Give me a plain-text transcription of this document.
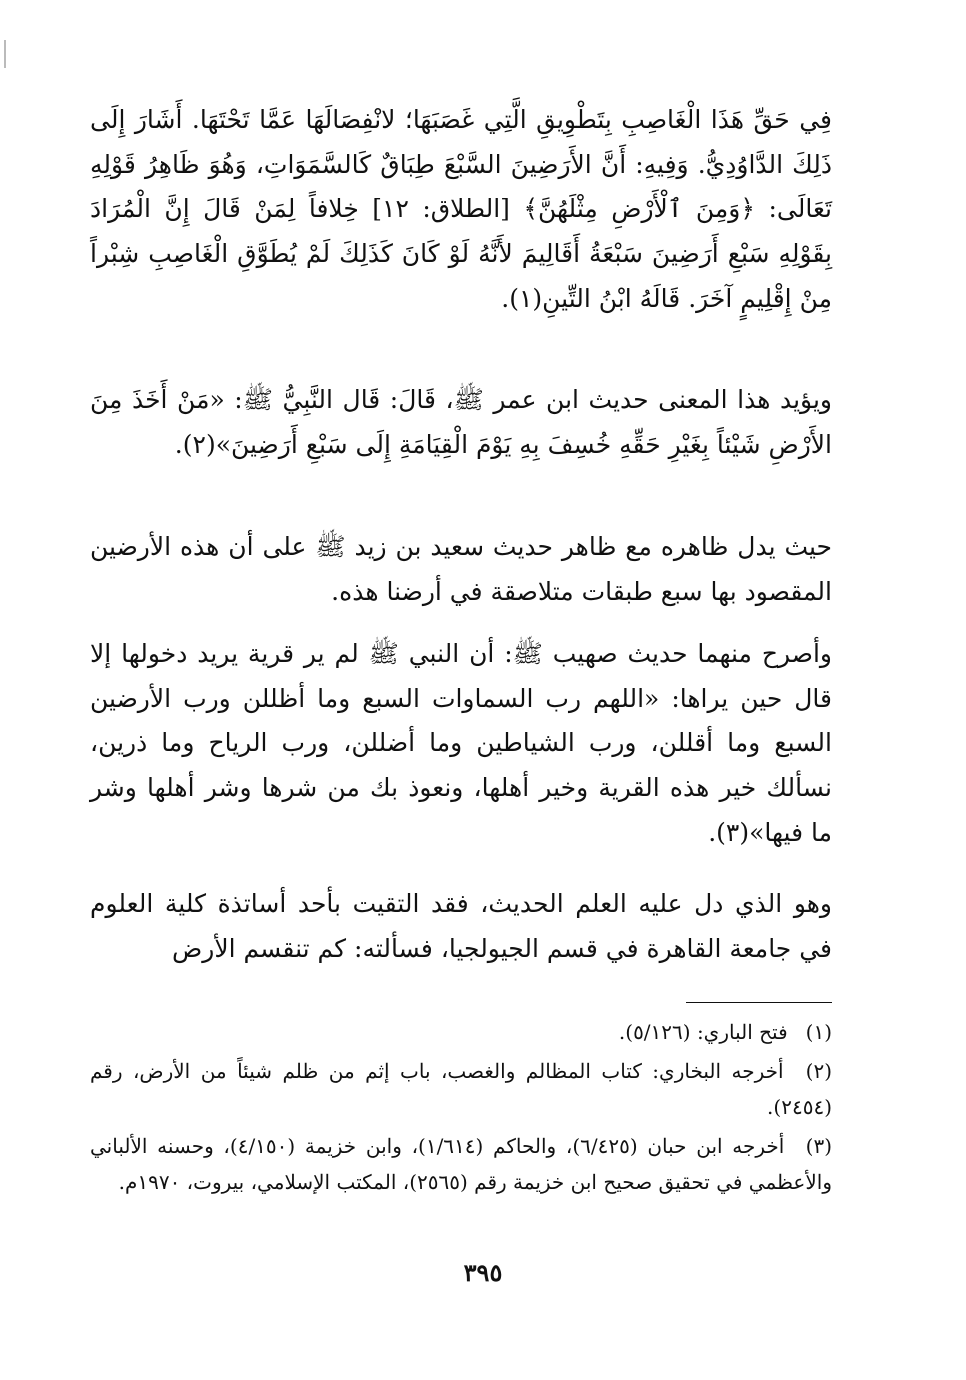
فِي حَقِّ هَذَا الْغَاصِبِ بِتَطْوِيقِ الَّتِي غَصَبَهَا؛ لانْفِصَالَهَا عَمَّا تَحْتَهَا. أَشَارَ إِلَى ذَلِكَ الدَّاوُدِيُّ. وَفِيهِ: أَنَّ الأَرَضِينَ السَّبْعَ طِبَاقٌ كَالسَّمَوَاتِ، وَهُوَ ظَاهِرُ قَوْلِهِ تَعَالَى: ﴿وَمِنَ ٱلْأَرْضِ مِثْلَهُنَّ﴾ [الطلاق: ١٢] خِلافاً لِمَنْ قَالَ إِنَّ الْمُرَادَ بِقَوْلِهِ سَبْعِ أَرَضِينَ سَبْعَةُ أَقَالِيمَ لأَنَّهُ لَوْ كَانَ كَذَلِكَ لَمْ يُطَوَّقِ الْغَاصِبِ شِبْراً مِنْ إِقْلِيمٍ آخَرَ. قَالَهُ ابْنُ التِّينِ(١).

ويؤيد هذا المعنى حديث ابن عمر ﷺ، قَالَ: قَال النَّبِيُّ ﷺ: «مَنْ أَخَذَ مِنَ الأَرْضِ شَيْئاً بِغَيْرِ حَقِّهِ خُسِفَ بِهِ يَوْمَ الْقِيَامَةِ إِلَى سَبْعِ أَرَضِينَ»(٢).

حيث يدل ظاهره مع ظاهر حديث سعيد بن زيد ﷺ على أن هذه الأرضين المقصود بها سبع طبقات متلاصقة في أرضنا هذه.

وأصرح منهما حديث صهيب ﷺ: أن النبي ﷺ لم ير قرية يريد دخولها إلا قال حين يراها: «اللهم رب السماوات السبع وما أظللن ورب الأرضين السبع وما أقللن، ورب الشياطين وما أضللن، ورب الرياح وما ذرين، نسألك خير هذه القرية وخير أهلها، ونعوذ بك من شرها وشر أهلها وشر ما فيها»(٣).

وهو الذي دل عليه العلم الحديث، فقد التقيت بأحد أساتذة كلية العلوم في جامعة القاهرة في قسم الجيولجيا، فسألته: كم تنقسم الأرض

(١) فتح الباري: (٥/١٢٦).

(٢) أخرجه البخاري: كتاب المظالم والغصب، باب إثم من ظلم شيئاً من الأرض، رقم (٢٤٥٤).

(٣) أخرجه ابن حبان (٦/٤٢٥)، والحاكم (١/٦١٤)، وابن خزيمة (٤/١٥٠)، وحسنه الألباني والأعظمي في تحقيق صحيح ابن خزيمة رقم (٢٥٦٥)، المكتب الإسلامي، بيروت، ١٩٧٠م.

٣٩٥
